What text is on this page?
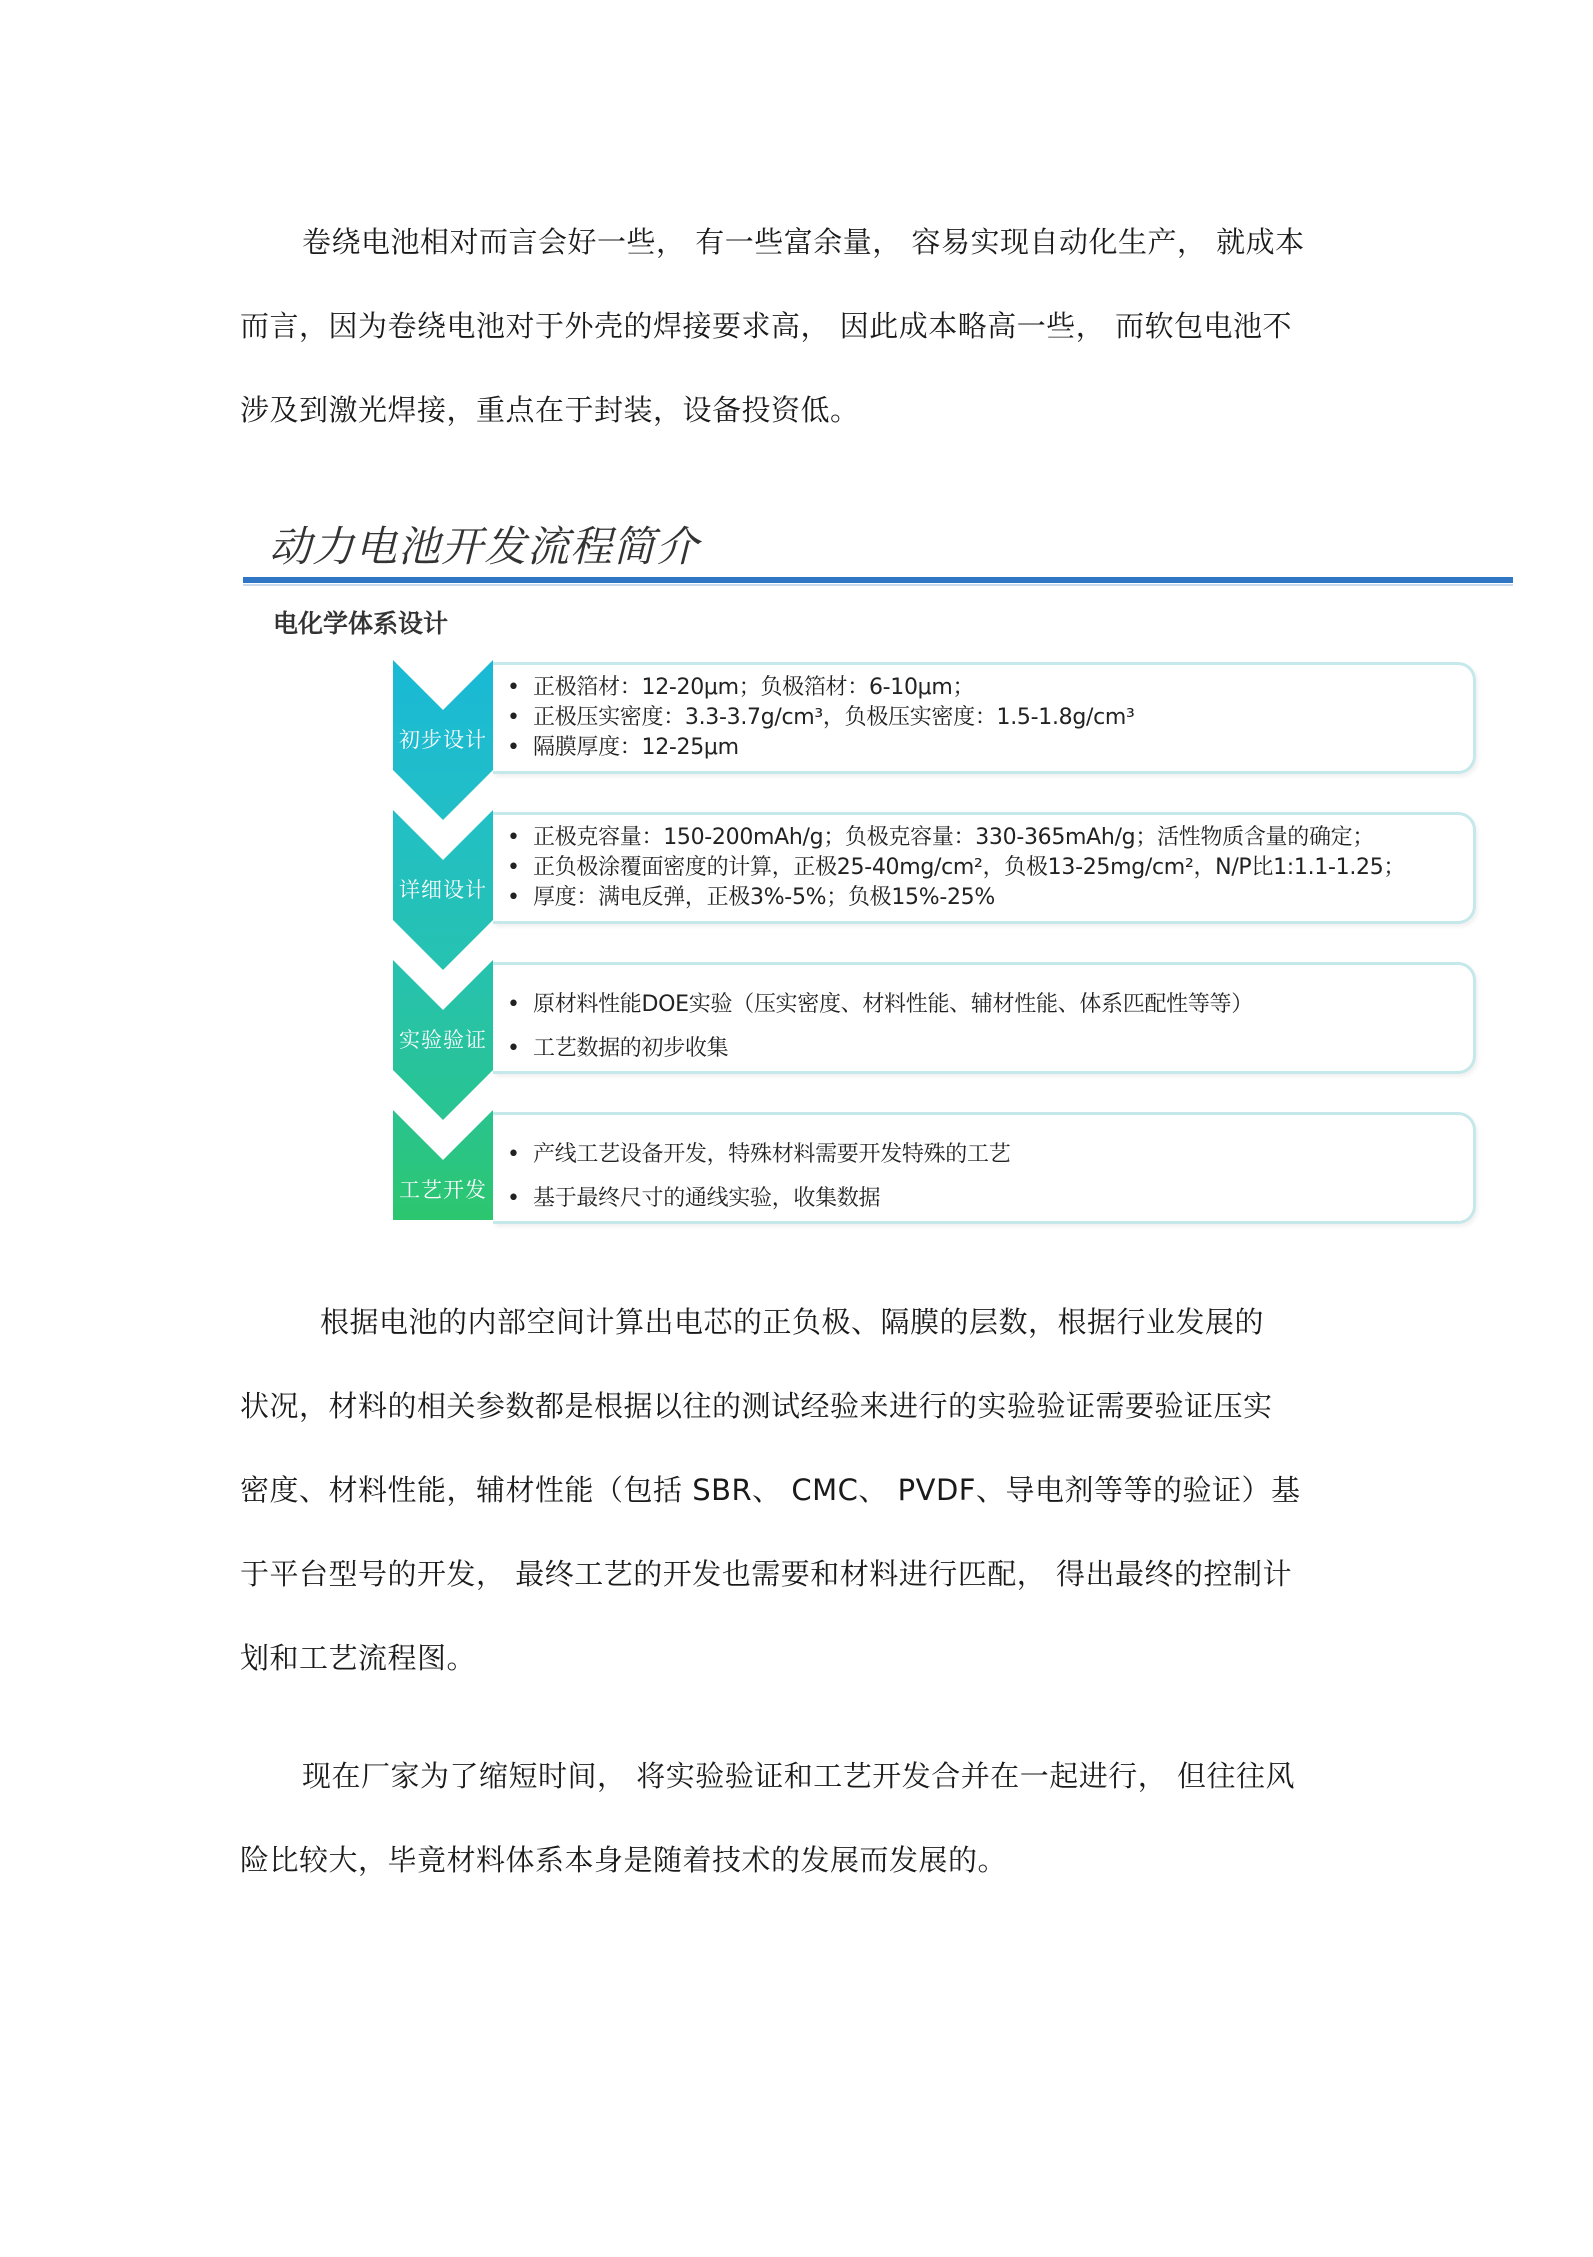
卷绕电池相对而言会好一些， 有一些富余量， 容易实现自动化生产， 就成本
而言，因为卷绕电池对于外壳的焊接要求高， 因此成本略高一些， 而软包电池不
涉及到激光焊接，重点在于封装，设备投资低。
动力电池开发流程简介
电化学体系设计
初步设计
• 正极箔材：12-20μm；负极箔材：6-10μm；
• 正极压实密度：3.3-3.7g/cm³，负极压实密度：1.5-1.8g/cm³
• 隔膜厚度：12-25μm
详细设计
• 正极克容量：150-200mAh/g；负极克容量：330-365mAh/g；活性物质含量的确定；
• 正负极涂覆面密度的计算，正极25-40mg/cm²，负极13-25mg/cm²，N/P比1:1.1-1.25；
• 厚度：满电反弹，正极3%-5%；负极15%-25%
实验验证
• 原材料性能DOE实验（压实密度、材料性能、辅材性能、体系匹配性等等）
• 工艺数据的初步收集
工艺开发
• 产线工艺设备开发，特殊材料需要开发特殊的工艺
• 基于最终尺寸的通线实验，收集数据
根据电池的内部空间计算出电芯的正负极、隔膜的层数，根据行业发展的
状况，材料的相关参数都是根据以往的测试经验来进行的实验验证需要验证压实
密度、材料性能，辅材性能（包括 SBR、 CMC、 PVDF、导电剂等等的验证）基
于平台型号的开发， 最终工艺的开发也需要和材料进行匹配， 得出最终的控制计
划和工艺流程图。
现在厂家为了缩短时间， 将实验验证和工艺开发合并在一起进行， 但往往风
险比较大，毕竟材料体系本身是随着技术的发展而发展的。
